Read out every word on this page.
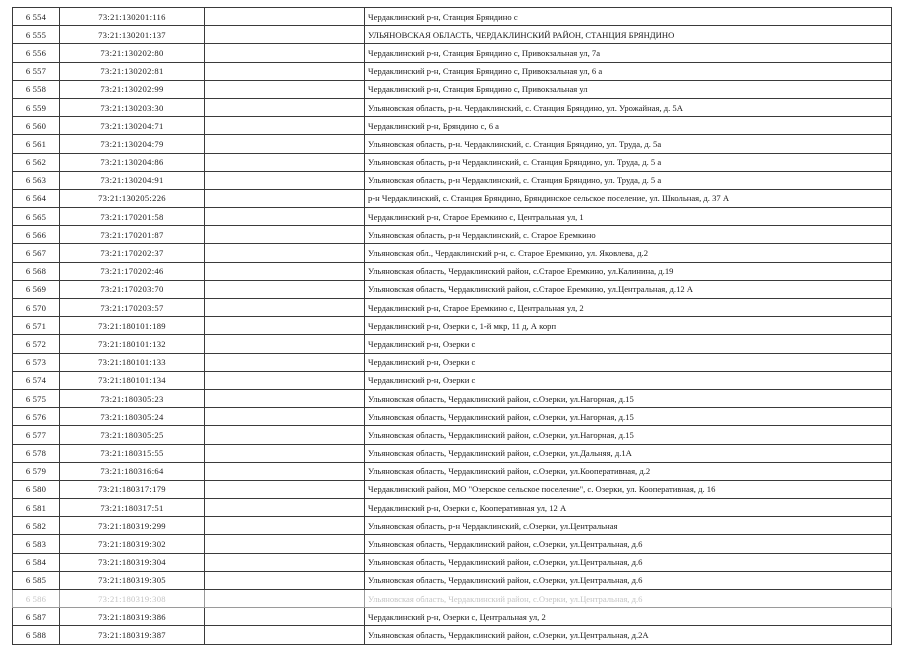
6 554	73:21:130201:116		Чердаклинский р-н, Станция Бряндино с
6 555	73:21:130201:137		УЛЬЯНОВСКАЯ ОБЛАСТЬ, ЧЕРДАКЛИНСКИЙ РАЙОН, СТАНЦИЯ БРЯНДИНО
6 556	73:21:130202:80		Чердаклинский р-н, Станция Бряндино с, Привокзальная ул, 7а
6 557	73:21:130202:81		Чердаклинский р-н, Станция Бряндино с, Привокзальная ул, 6 а
6 558	73:21:130202:99		Чердаклинский р-н, Станция Бряндино с, Привокзальная ул
6 559	73:21:130203:30		Ульяновская область, р-н. Чердаклинский, с. Станция Бряндино, ул. Урожайная, д. 5А
6 560	73:21:130204:71		Чердаклинский р-н, Бряндино с, 6 а
6 561	73:21:130204:79		Ульяновская область, р-н. Чердаклинский, с. Станция Бряндино, ул. Труда, д. 5а
6 562	73:21:130204:86		Ульяновская область, р-н Чердаклинский, с. Станция Бряндино, ул. Труда, д. 5 а
6 563	73:21:130204:91		Ульяновская область, р-н Чердаклинский, с. Станция Бряндино, ул. Труда, д. 5 а
6 564	73:21:130205:226		р-н Чердаклинский, с. Станция Бряндино, Бряндинское сельское поселение, ул. Школьная, д. 37 А
6 565	73:21:170201:58		Чердаклинский р-н, Старое Еремкино с, Центральная ул, 1
6 566	73:21:170201:87		Ульяновская область, р-н Чердаклинский, с. Старое Еремкино
6 567	73:21:170202:37		Ульяновская обл., Чердаклинский р-н, с. Старое Еремкино, ул. Яковлева, д.2
6 568	73:21:170202:46		Ульяновская область, Чердаклинский район, с.Старое Еремкино, ул.Калинина, д.19
6 569	73:21:170203:70		Ульяновская область, Чердаклинский район, с.Старое Еремкино, ул.Центральная, д.12 А
6 570	73:21:170203:57		Чердаклинский р-н, Старое Еремкино с, Центральная ул, 2
6 571	73:21:180101:189		Чердаклинский р-н, Озерки с, 1-й мкр, 11 д, А корп
6 572	73:21:180101:132		Чердаклинский р-н, Озерки с
6 573	73:21:180101:133		Чердаклинский р-н, Озерки с
6 574	73:21:180101:134		Чердаклинский р-н, Озерки с
6 575	73:21:180305:23		Ульяновская область, Чердаклинский район, с.Озерки, ул.Нагорная, д.15
6 576	73:21:180305:24		Ульяновская область, Чердаклинский район, с.Озерки, ул.Нагорная, д.15
6 577	73:21:180305:25		Ульяновская область, Чердаклинский район, с.Озерки, ул.Нагорная, д.15
6 578	73:21:180315:55		Ульяновская область, Чердаклинский район, с.Озерки, ул.Дальняя, д.1А
6 579	73:21:180316:64		Ульяновская область, Чердаклинский район, с.Озерки, ул.Кооперативная, д.2
6 580	73:21:180317:179		Чердаклинский район, МО "Озерское сельское поселение", с. Озерки, ул. Кооперативная, д. 16
6 581	73:21:180317:51		Чердаклинский р-н, Озерки с, Кооперативная ул, 12 А
6 582	73:21:180319:299		Ульяновская область, р-н Чердаклинский, с.Озерки, ул.Центральная
6 583	73:21:180319:302		Ульяновская область, Чердаклинский район, с.Озерки, ул.Центральная, д.6
6 584	73:21:180319:304		Ульяновская область, Чердаклинский район, с.Озерки, ул.Центральная, д.6
6 585	73:21:180319:305		Ульяновская область, Чердаклинский район, с.Озерки, ул.Центральная, д.6
6 586	73:21:180319:308		Ульяновская область, Чердаклинский район, с.Озерки, ул.Центральная, д.6
6 587	73:21:180319:386		Чердаклинский р-н, Озерки с, Центральная ул, 2
6 588	73:21:180319:387		Ульяновская область, Чердаклинский район, с.Озерки, ул.Центральная, д.2А
